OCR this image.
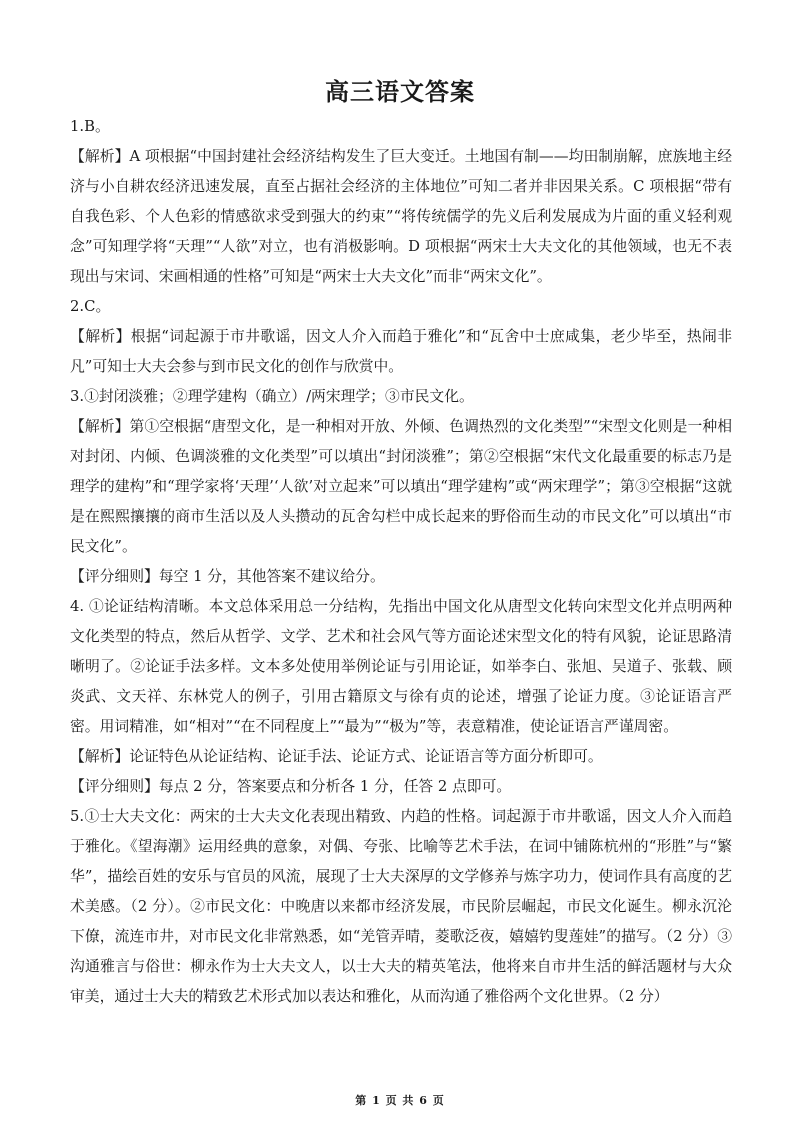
高三语文答案

1.B。

【解析】A 项根据“中国封建社会经济结构发生了巨大变迁。土地国有制——均田制崩解，庶族地主经济与小自耕农经济迅速发展，直至占据社会经济的主体地位”可知二者并非因果关系。C 项根据“带有自我色彩、个人色彩的情感欲求受到强大的约束”“将传统儒学的先义后利发展成为片面的重义轻利观念”可知理学将“天理”“人欲”对立，也有消极影响。D 项根据“两宋士大夫文化的其他领域，也无不表现出与宋词、宋画相通的性格”可知是“两宋士大夫文化”而非“两宋文化”。

2.C。

【解析】根据“词起源于市井歌谣，因文人介入而趋于雅化”和“瓦舍中士庶咸集，老少毕至，热闹非凡”可知士大夫会参与到市民文化的创作与欣赏中。

3.①封闭淡雅；②理学建构（确立）/两宋理学；③市民文化。

【解析】第①空根据“唐型文化，是一种相对开放、外倾、色调热烈的文化类型”“宋型文化则是一种相对封闭、内倾、色调淡雅的文化类型”可以填出“封闭淡雅”；第②空根据“宋代文化最重要的标志乃是理学的建构”和“理学家将‘天理’‘人欲’对立起来”可以填出“理学建构”或“两宋理学”；第③空根据“这就是在熙熙攘攘的商市生活以及人头攒动的瓦舍勾栏中成长起来的野俗而生动的市民文化”可以填出“市民文化”。

【评分细则】每空 1 分，其他答案不建议给分。

4. ①论证结构清晰。本文总体采用总一分结构，先指出中国文化从唐型文化转向宋型文化并点明两种文化类型的特点，然后从哲学、文学、艺术和社会风气等方面论述宋型文化的特有风貌，论证思路清晰明了。②论证手法多样。文本多处使用举例论证与引用论证，如举李白、张旭、吴道子、张载、顾炎武、文天祥、东林党人的例子，引用古籍原文与徐有贞的论述，增强了论证力度。③论证语言严密。用词精准，如“相对”“在不同程度上”“最为”“极为”等，表意精准，使论证语言严谨周密。

【解析】论证特色从论证结构、论证手法、论证方式、论证语言等方面分析即可。

【评分细则】每点 2 分，答案要点和分析各 1 分，任答 2 点即可。

5.①士大夫文化：两宋的士大夫文化表现出精致、内趋的性格。词起源于市井歌谣，因文人介入而趋于雅化。《望海潮》运用经典的意象，对偶、夸张、比喻等艺术手法，在词中铺陈杭州的“形胜”与“繁华”，描绘百姓的安乐与官员的风流，展现了士大夫深厚的文学修养与炼字功力，使词作具有高度的艺术美感。（2 分）。②市民文化：中晚唐以来都市经济发展，市民阶层崛起，市民文化诞生。柳永沉沦下僚，流连市井，对市民文化非常熟悉，如“羌管弄晴，菱歌泛夜，嬉嬉钓叟莲娃”的描写。（2 分）③沟通雅言与俗世：柳永作为士大夫文人，以士大夫的精英笔法，他将来自市井生活的鲜活题材与大众审美，通过士大夫的精致艺术形式加以表达和雅化，从而沟通了雅俗两个文化世界。（2 分）

第 1 页 共 6 页
